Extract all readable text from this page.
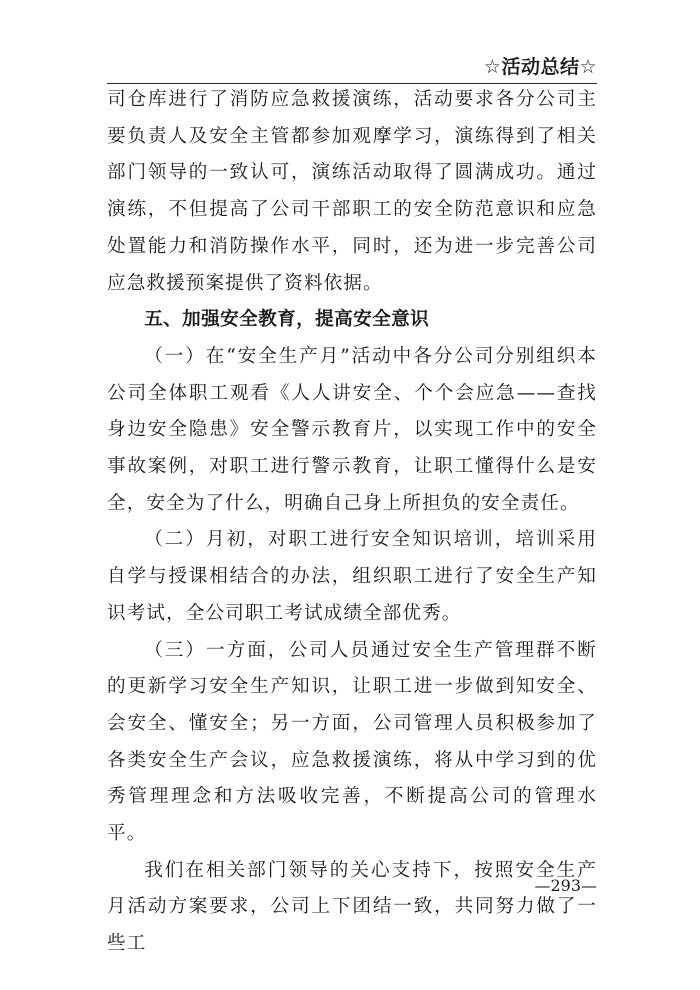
☆活动总结☆

司仓库进行了消防应急救援演练，活动要求各分公司主要负责人及安全主管都参加观摩学习，演练得到了相关部门领导的一致认可，演练活动取得了圆满成功。通过演练，不但提高了公司干部职工的安全防范意识和应急处置能力和消防操作水平，同时，还为进一步完善公司应急救援预案提供了资料依据。

五、加强安全教育，提高安全意识

（一）在“安全生产月”活动中各分公司分别组织本公司全体职工观看《人人讲安全、个个会应急——查找身边安全隐患》安全警示教育片，以实现工作中的安全事故案例，对职工进行警示教育，让职工懂得什么是安全，安全为了什么，明确自己身上所担负的安全责任。

（二）月初，对职工进行安全知识培训，培训采用自学与授课相结合的办法，组织职工进行了安全生产知识考试，全公司职工考试成绩全部优秀。

（三）一方面，公司人员通过安全生产管理群不断的更新学习安全生产知识，让职工进一步做到知安全、会安全、懂安全；另一方面，公司管理人员积极参加了各类安全生产会议，应急救援演练，将从中学习到的优秀管理理念和方法吸收完善，不断提高公司的管理水平。

我们在相关部门领导的关心支持下，按照安全生产月活动方案要求，公司上下团结一致，共同努力做了一些工

—293—
